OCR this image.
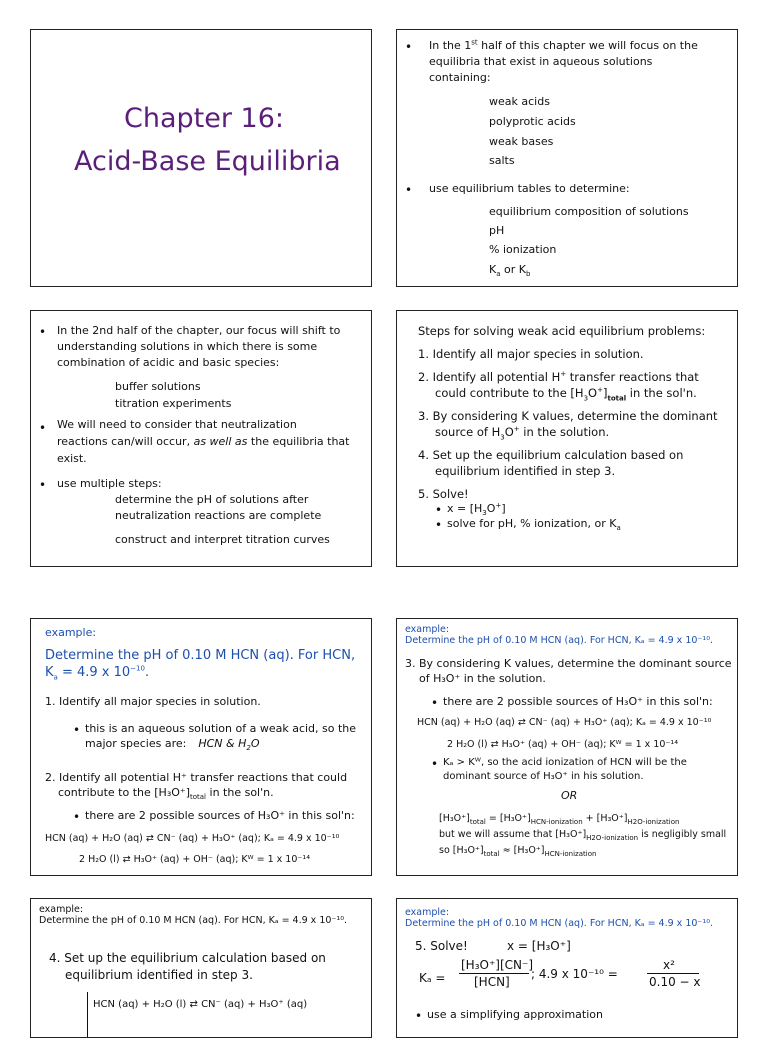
Chapter 16:
Acid-Base Equilibria
• In the 1st half of this chapter we will focus on the
equilibria that exist in aqueous solutions
containing:
weak acids
polyprotic acids
weak bases
salts
• use equilibrium tables to determine:
equilibrium composition of solutions
pH
% ionization
$K_a$ or $K_b$
• In the 2nd half of the chapter, our focus will shift to
understanding solutions in which there is some
combination of acidic and basic species:
buffer solutions
titration experiments
• We will need to consider that neutralization
reactions can/will occur, as well as the equilibria that
exist.
• use multiple steps:
determine the pH of solutions after
neutralization reactions are complete
construct and interpret titration curves
Steps for solving weak acid equilibrium problems:
1. Identify all major species in solution.
2. Identify all potential H+ transfer reactions that
could contribute to the $[H_3O^+]_{total}$ in the sol'n.
3. By considering K values, determine the dominant
source of $H_3O^+$ in the solution.
4. Set up the equilibrium calculation based on
equilibrium identified in step 3.
5. Solve!
• $x = [H_3O^+]$
• solve for pH, % ionization, or $K_a$
example:
Determine the pH of 0.10 M HCN (aq). For HCN,
$K_a = 4.9$ x $10^{-10}$.
1. Identify all major species in solution.
• this is an aqueous solution of a weak acid, so the
major species are: HCN & $H_2O$
2. Identify all potential H⁺ transfer reactions that could
contribute to the $[H_3O^+]_{total}$ in the sol'n.
• there are 2 possible sources of H₃O⁺ in this sol'n:
HCN (aq) + H₂O (aq) ⇄ CN⁻ (aq) + H₃O⁺ (aq); Kₐ = 4.9 x 10⁻¹⁰
2 H₂O (l) ⇄ H₃O⁺ (aq) + OH⁻ (aq); Kᵂ = 1 x 10⁻¹⁴
example:
Determine the pH of 0.10 M HCN (aq). For HCN, Kₐ = 4.9 x 10⁻¹⁰.
3. By considering K values, determine the dominant source
of H₃O⁺ in the solution.
• there are 2 possible sources of H₃O⁺ in this sol'n:
HCN (aq) + H₂O (aq) ⇄ CN⁻ (aq) + H₃O⁺ (aq); Kₐ = 4.9 x 10⁻¹⁰
2 H₂O (l) ⇄ H₃O⁺ (aq) + OH⁻ (aq); Kᵂ = 1 x 10⁻¹⁴
• Kₐ > Kᵂ, so the acid ionization of HCN will be the
dominant source of H₃O⁺ in his solution.
OR
$[H_3O^+]_{total} = [H_3O^+]_{HCN-ionization} + [H_3O^+]_{H2O-ionization}$
but we will assume that $[H_3O^+]_{H2O-ionization}$ is negligibly small
so $[H_3O^+]_{total} \approx [H_3O^+]_{HCN-ionization}$
example:
Determine the pH of 0.10 M HCN (aq). For HCN, Kₐ = 4.9 x 10⁻¹⁰.
4. Set up the equilibrium calculation based on
equilibrium identified in step 3.
HCN (aq) + H₂O (l) ⇄ CN⁻ (aq) + H₃O⁺ (aq)
example:
Determine the pH of 0.10 M HCN (aq). For HCN, Kₐ = 4.9 x 10⁻¹⁰.
5. Solve!	x = [H₃O⁺]
Kₐ =
[H₃O⁺][CN⁻]
[HCN]
; 4.9 x 10⁻¹⁰ =
x²
0.10 − x
• use a simplifying approximation
